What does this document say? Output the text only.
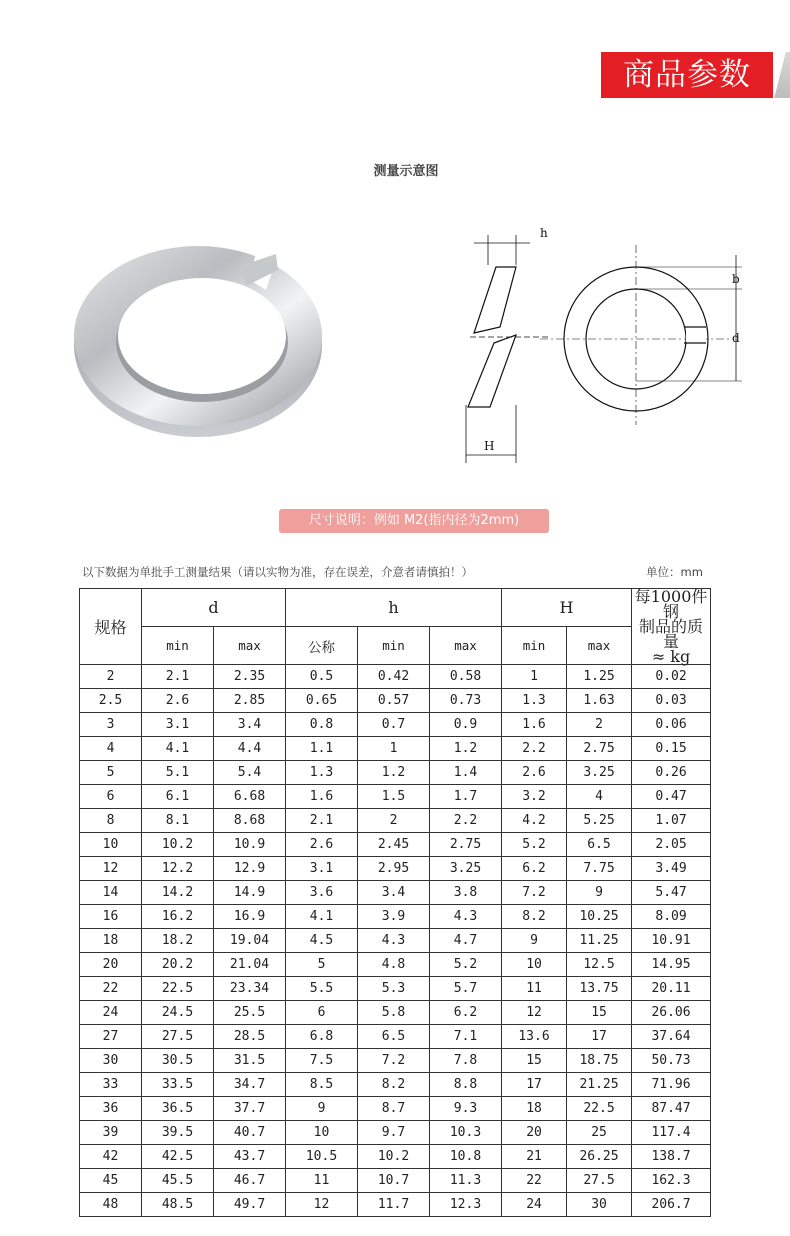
商品参数
测量示意图
h
b
d
H
尺寸说明：例如 M2(指内径为2mm)
以下数据为单批手工测量结果（请以实物为准，存在误差，介意者请慎拍！）	单位：mm
规格	d		h			H		每1000件钢
制品的质量
≈ kg

	min	max	公称	min	max	min	max	
2	2.1	2.35	0.5	0.42	0.58	1	1.25	0.02
2.5	2.6	2.85	0.65	0.57	0.73	1.3	1.63	0.03
3	3.1	3.4	0.8	0.7	0.9	1.6	2	0.06
4	4.1	4.4	1.1	1	1.2	2.2	2.75	0.15
5	5.1	5.4	1.3	1.2	1.4	2.6	3.25	0.26
6	6.1	6.68	1.6	1.5	1.7	3.2	4	0.47
8	8.1	8.68	2.1	2	2.2	4.2	5.25	1.07
10	10.2	10.9	2.6	2.45	2.75	5.2	6.5	2.05
12	12.2	12.9	3.1	2.95	3.25	6.2	7.75	3.49
14	14.2	14.9	3.6	3.4	3.8	7.2	9	5.47
16	16.2	16.9	4.1	3.9	4.3	8.2	10.25	8.09
18	18.2	19.04	4.5	4.3	4.7	9	11.25	10.91
20	20.2	21.04	5	4.8	5.2	10	12.5	14.95
22	22.5	23.34	5.5	5.3	5.7	11	13.75	20.11
24	24.5	25.5	6	5.8	6.2	12	15	26.06
27	27.5	28.5	6.8	6.5	7.1	13.6	17	37.64
30	30.5	31.5	7.5	7.2	7.8	15	18.75	50.73
33	33.5	34.7	8.5	8.2	8.8	17	21.25	71.96
36	36.5	37.7	9	8.7	9.3	18	22.5	87.47
39	39.5	40.7	10	9.7	10.3	20	25	117.4
42	42.5	43.7	10.5	10.2	10.8	21	26.25	138.7
45	45.5	46.7	11	10.7	11.3	22	27.5	162.3
48	48.5	49.7	12	11.7	12.3	24	30	206.7
